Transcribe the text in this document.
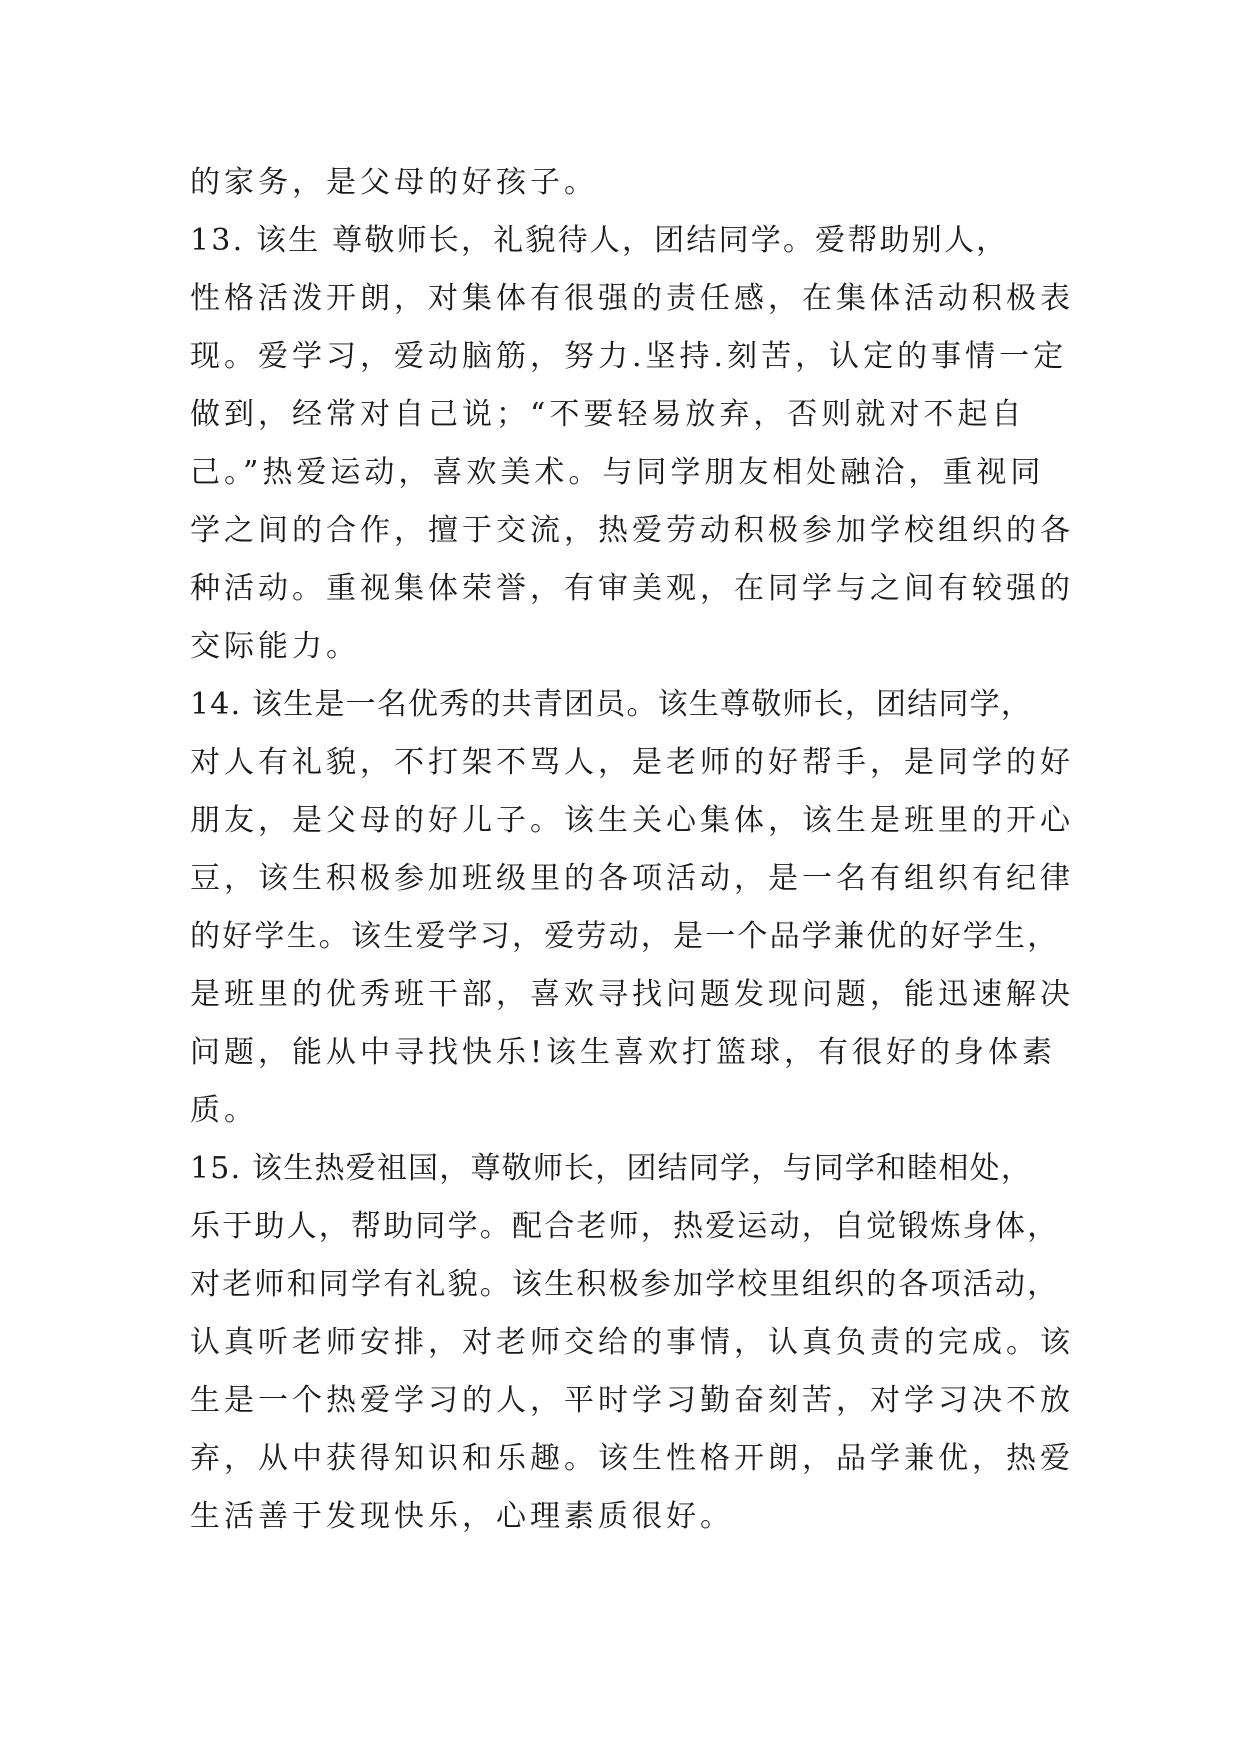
的家务，是父母的好孩子。
13. 该生 尊敬师长，礼貌待人，团结同学。爱帮助别人，
性格活泼开朗，对集体有很强的责任感，在集体活动积极表
现。爱学习，爱动脑筋，努力.坚持.刻苦，认定的事情一定
做到，经常对自己说；“不要轻易放弃，否则就对不起自
己。”热爱运动，喜欢美术。与同学朋友相处融洽，重视同
学之间的合作，擅于交流，热爱劳动积极参加学校组织的各
种活动。重视集体荣誉，有审美观，在同学与之间有较强的
交际能力。
14. 该生是一名优秀的共青团员。该生尊敬师长，团结同学，
对人有礼貌，不打架不骂人，是老师的好帮手，是同学的好
朋友，是父母的好儿子。该生关心集体，该生是班里的开心
豆，该生积极参加班级里的各项活动，是一名有组织有纪律
的好学生。该生爱学习，爱劳动，是一个品学兼优的好学生，
是班里的优秀班干部，喜欢寻找问题发现问题，能迅速解决
问题，能从中寻找快乐!该生喜欢打篮球，有很好的身体素
质。
15. 该生热爱祖国，尊敬师长，团结同学，与同学和睦相处，
乐于助人，帮助同学。配合老师，热爱运动，自觉锻炼身体，
对老师和同学有礼貌。该生积极参加学校里组织的各项活动，
认真听老师安排，对老师交给的事情，认真负责的完成。该
生是一个热爱学习的人，平时学习勤奋刻苦，对学习决不放
弃，从中获得知识和乐趣。该生性格开朗，品学兼优，热爱
生活善于发现快乐，心理素质很好。
